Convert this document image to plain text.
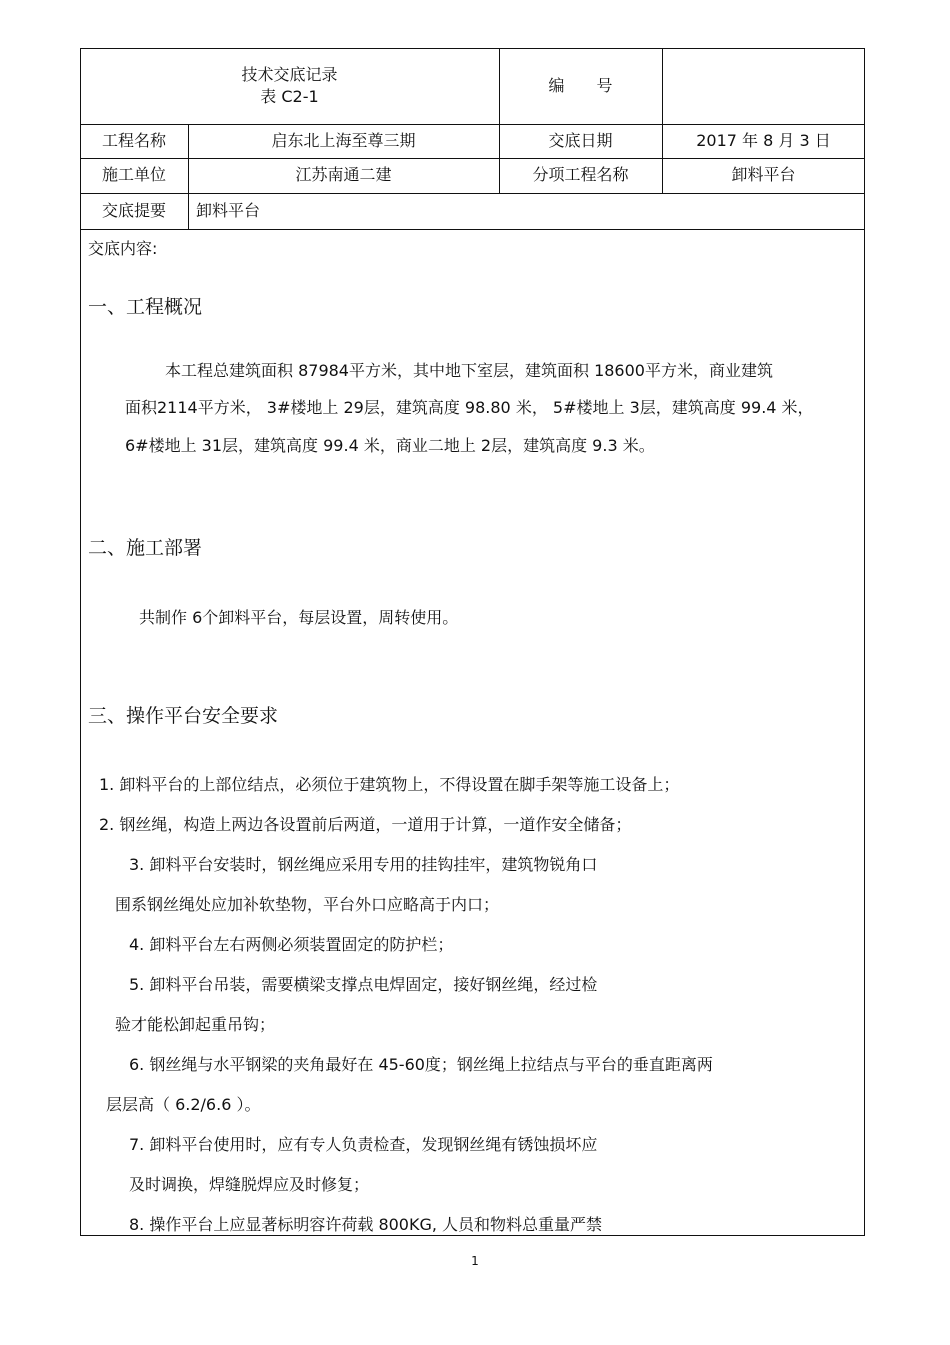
技术交底记录
表 C2-1
编　　号
工程名称	启东北上海至尊三期	交底日期	2017 年 8 月 3 日
施工单位	江苏南通二建	分项工程名称	卸料平台
交底提要	卸料平台
交底内容:
一、工程概况
本工程总建筑面积 87984平方米，其中地下室层，建筑面积 18600平方米，商业建筑
面积2114平方米， 3#楼地上 29层，建筑高度 98.80 米， 5#楼地上 3层，建筑高度 99.4 米，
6#楼地上 31层，建筑高度 99.4 米，商业二地上 2层，建筑高度 9.3 米。
二、施工部署
共制作 6个卸料平台，每层设置，周转使用。
三、操作平台安全要求
1. 卸料平台的上部位结点，必须位于建筑物上，不得设置在脚手架等施工设备上；
2. 钢丝绳，构造上两边各设置前后两道，一道用于计算，一道作安全储备；
3. 卸料平台安装时，钢丝绳应采用专用的挂钩挂牢，建筑物锐角口
围系钢丝绳处应加补软垫物，平台外口应略高于内口；
4. 卸料平台左右两侧必须装置固定的防护栏；
5. 卸料平台吊装，需要横梁支撑点电焊固定，接好钢丝绳，经过检
验才能松卸起重吊钩；
6. 钢丝绳与水平钢梁的夹角最好在 45-60度；钢丝绳上拉结点与平台的垂直距离两
层层高（ 6.2/6.6 ）。
7. 卸料平台使用时，应有专人负责检查，发现钢丝绳有锈蚀损坏应
及时调换，焊缝脱焊应及时修复；
8. 操作平台上应显著标明容许荷载 800KG, 人员和物料总重量严禁
1
